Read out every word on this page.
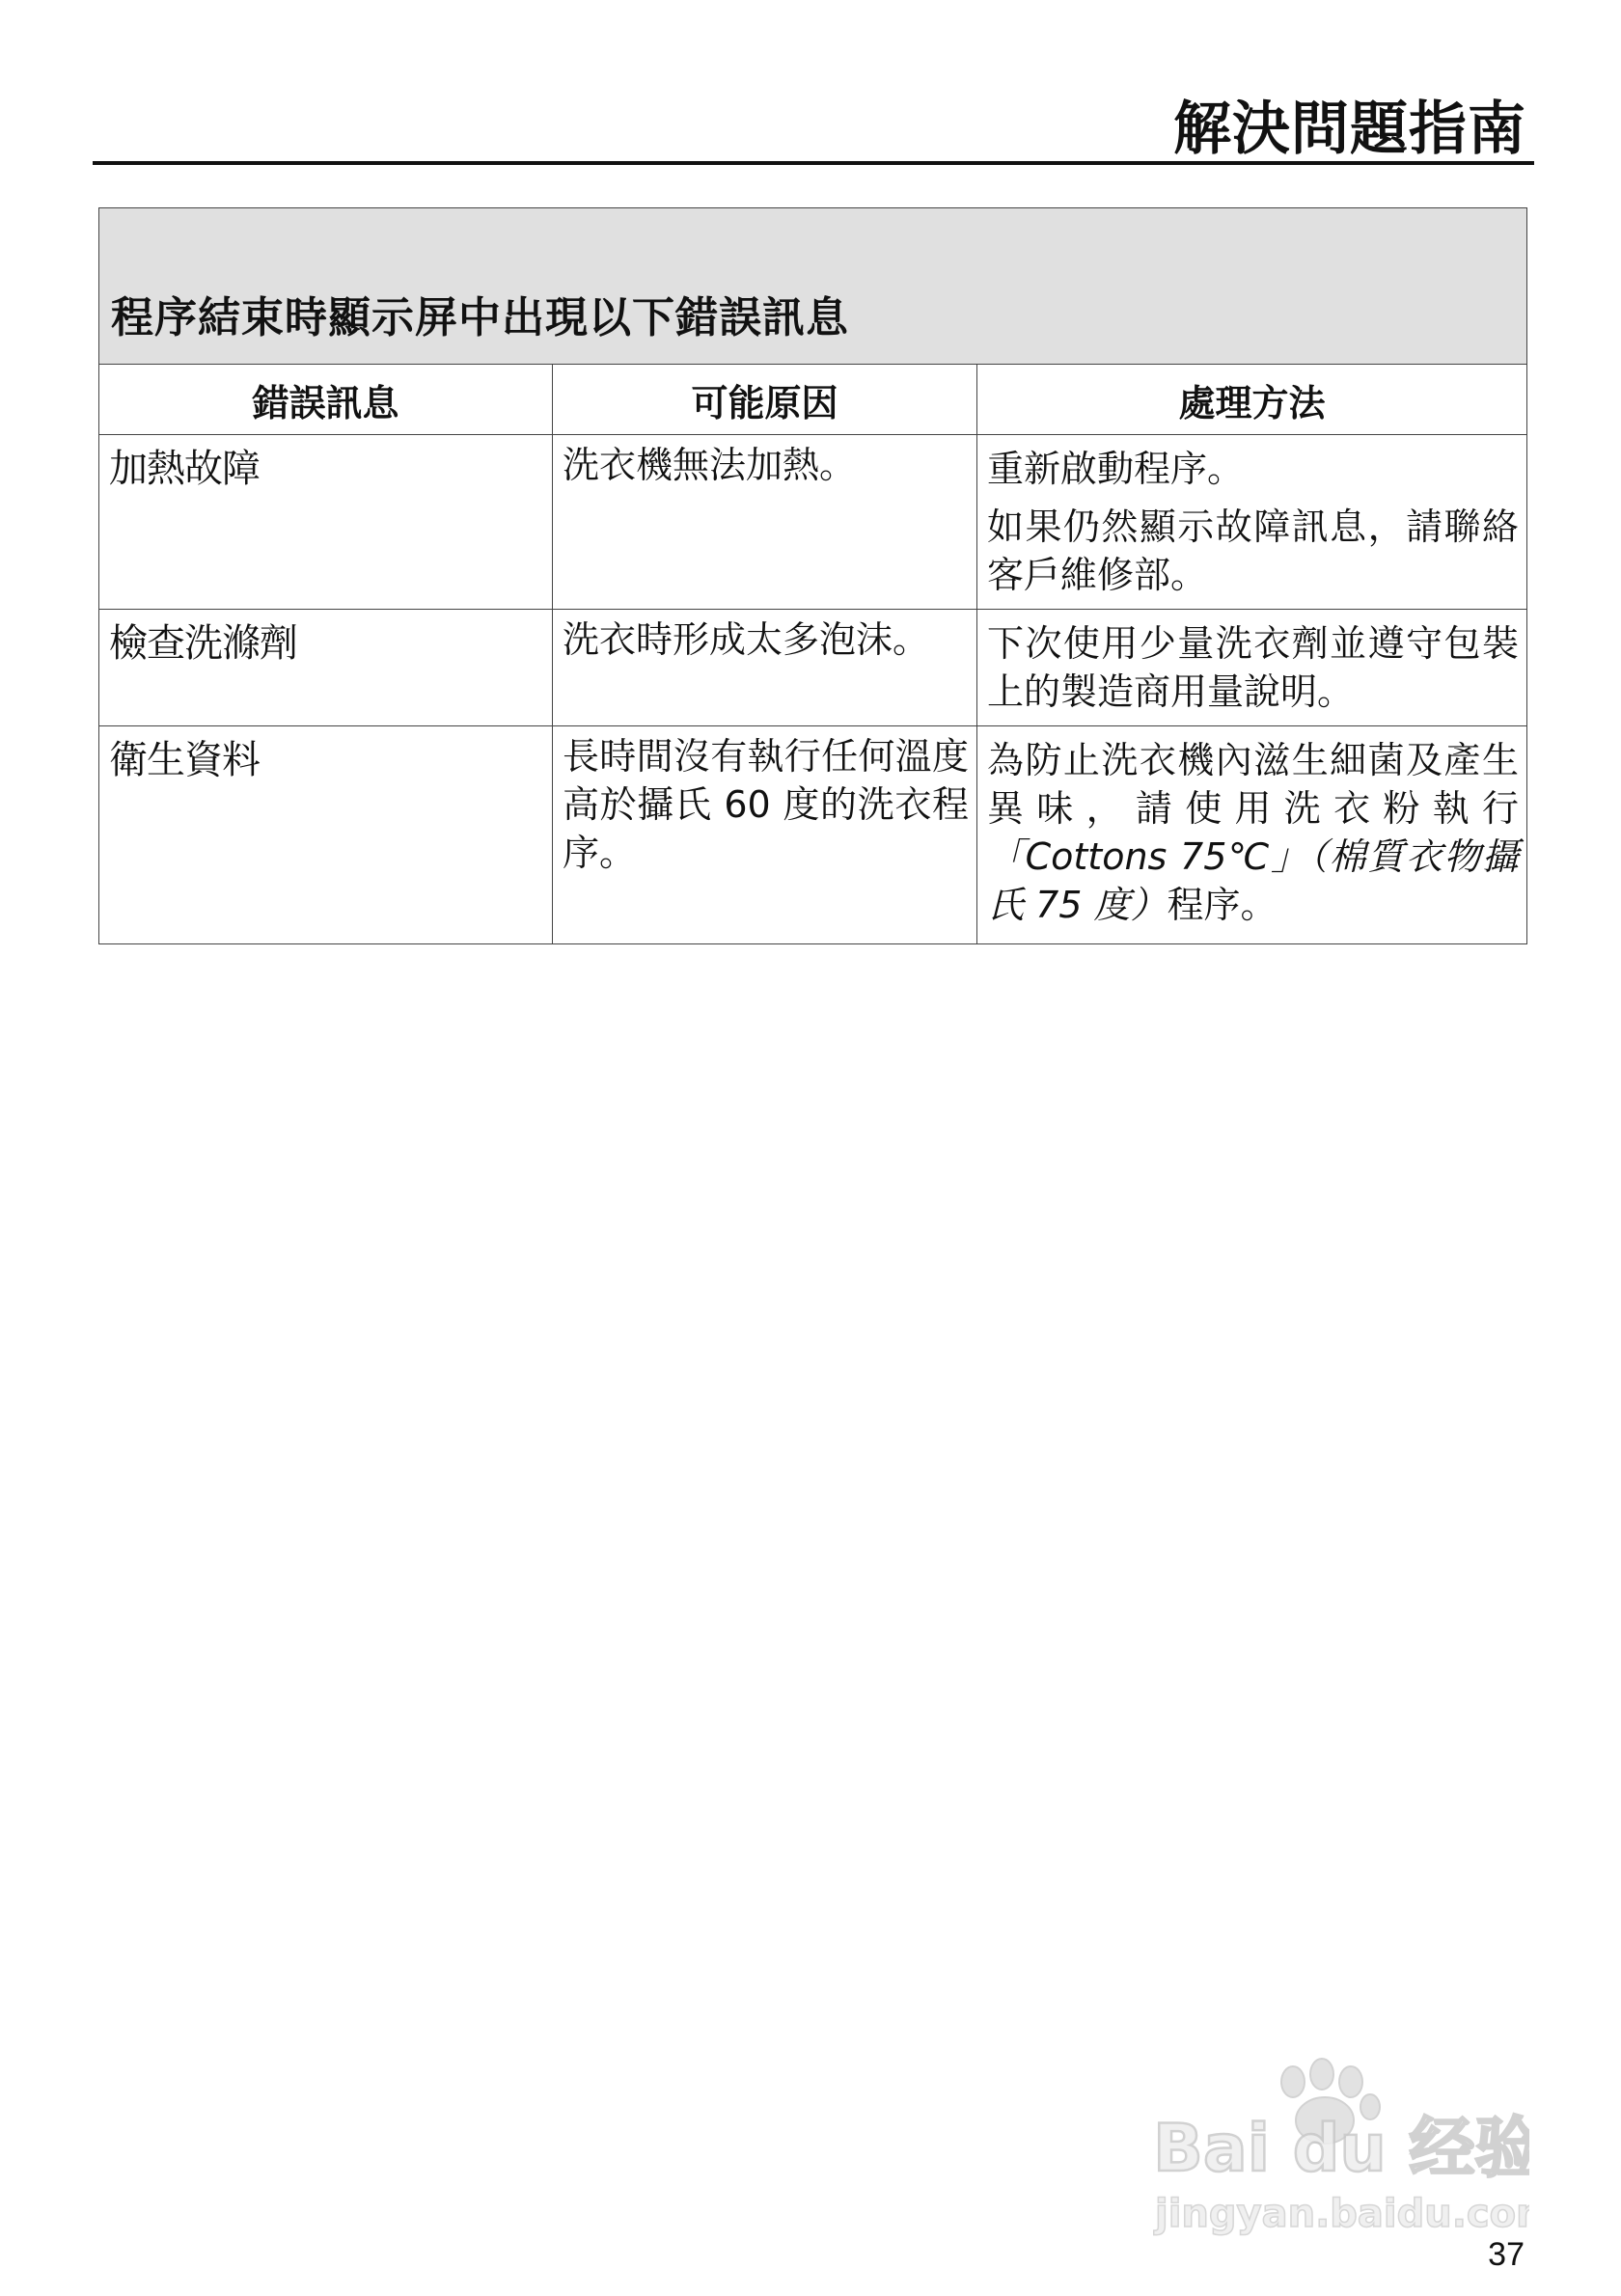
解決問題指南
程序結束時顯示屏中出現以下錯誤訊息		
錯誤訊息	可能原因	處理方法
加熱故障	洗衣機無法加熱。	重新啟動程序。

如果仍然顯示故障訊息，請聯絡客戶維修部。

檢查洗滌劑	洗衣時形成太多泡沫。	下次使用少量洗衣劑並遵守包裝上的製造商用量說明。

衛生資料	長時間沒有執行任何溫度高於攝氏 60 度的洗衣程序。	為防止洗衣機內滋生細菌及產生異味，請使用洗衣粉執行「Cottons 75℃」（棉質衣物攝氏 75 度）程序。
Bai du 经验
jingyan.baidu.com

37
